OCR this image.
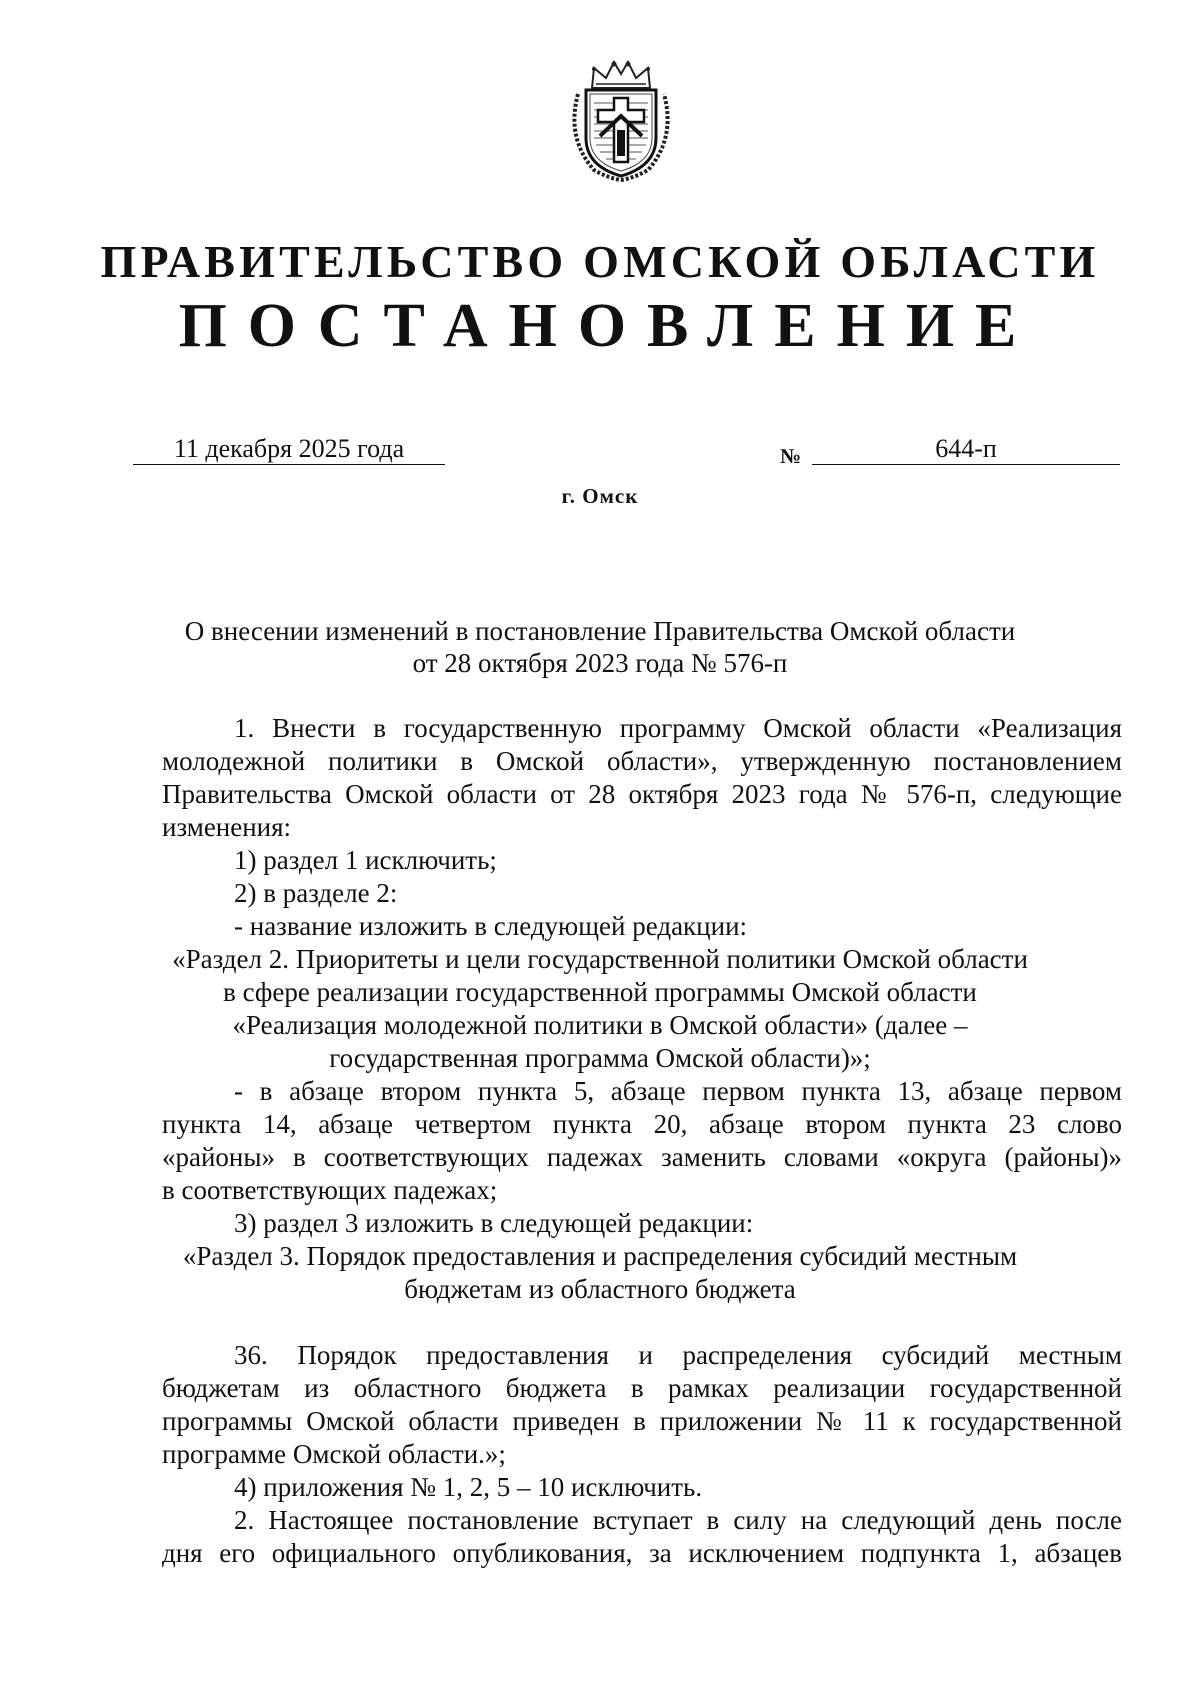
ПРАВИТЕЛЬСТВО ОМСКОЙ ОБЛАСТИ
ПОСТАНОВЛЕНИЕ
11 декабря 2025 года	№	644-п
г. Омск
О внесении изменений в постановление Правительства Омской области
от 28 октября 2023 года № 576-п
1. Внести в государственную программу Омской области «Реализация
молодежной политики в Омской области», утвержденную постановлением
Правительства Омской области от 28 октября 2023 года № 576-п, следующие
изменения:
1) раздел 1 исключить;
2) в разделе 2:
- название изложить в следующей редакции:
«Раздел 2. Приоритеты и цели государственной политики Омской области
в сфере реализации государственной программы Омской области
«Реализация молодежной политики в Омской области» (далее –
государственная программа Омской области)»;
- в абзаце втором пункта 5, абзаце первом пункта 13, абзаце первом
пункта 14, абзаце четвертом пункта 20, абзаце втором пункта 23 слово
«районы» в соответствующих падежах заменить словами «округа (районы)»
в соответствующих падежах;
3) раздел 3 изложить в следующей редакции:
«Раздел 3. Порядок предоставления и распределения субсидий местным
бюджетам из областного бюджета
36. Порядок предоставления и распределения субсидий местным
бюджетам из областного бюджета в рамках реализации государственной
программы Омской области приведен в приложении № 11 к государственной
программе Омской области.»;
4) приложения № 1, 2, 5 – 10 исключить.
2. Настоящее постановление вступает в силу на следующий день после
дня его официального опубликования, за исключением подпункта 1, абзацев
